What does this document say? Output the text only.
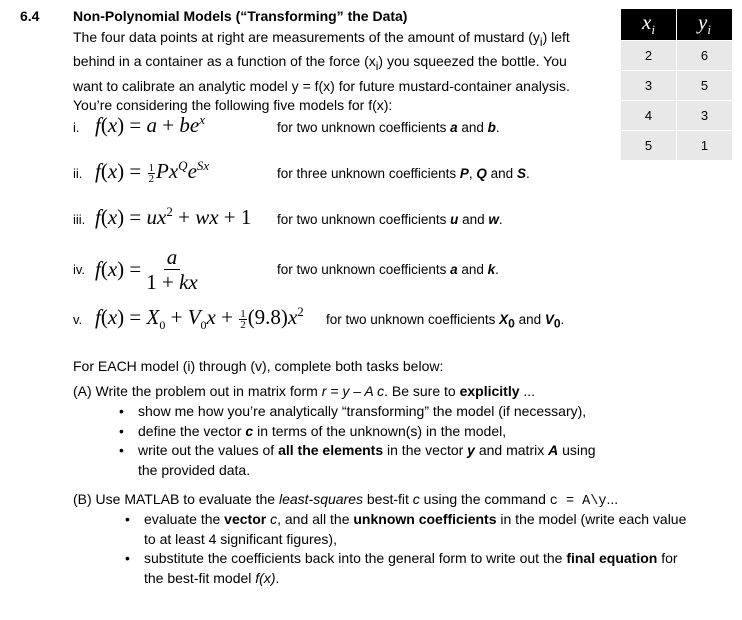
6.4 Non-Polynomial Models (“Transforming” the Data)
The four data points at right are measurements of the amount of mustard $(y_i)$ left
behind in a container as a function of the force $(x_i)$ you squeezed the bottle. You
want to calibrate an analytic model y = f(x) for future mustard-container analysis.
You’re considering the following five models for f(x):
$x_i$	$y_i$
2	6
3	5
4	3
5	1
i. $f(x) = a + be^x$
for two unknown coefficients a and b.
ii. $f(x) = \frac{1}{2} Px^Qe^{Sx}$
for three unknown coefficients P, Q and S.
iii. $f(x) = ux^2$ + wx + 1 for two unknown coefficients u and w.
iv. f ( x ) = $\frac{a}{1 + kx}$	for two unknown coefficients a and k.
v. $f(x) = X_0 + V_0x + \frac{1}{2} (9.8)x^2$
for two unknown coefficients $X_0$ and $V_0$.
For EACH model (i) through (v), complete both tasks below:
(A) Write the problem out in matrix form r = y – A c. Be sure to explicitly ...
• show me how you’re analytically “transforming” the model (if necessary),
• define the vector c in terms of the unknown(s) in the model,
• write out the values of all the elements in the vector y and matrix A using
the provided data.
(B) Use MATLAB to evaluate the least-squares best-fit c using the command c = A\y...
• evaluate the vector c, and all the unknown coefficients in the model (write each value
to at least 4 significant figures),
• substitute the coefficients back into the general form to write out the final equation for
the best-fit model f(x).
